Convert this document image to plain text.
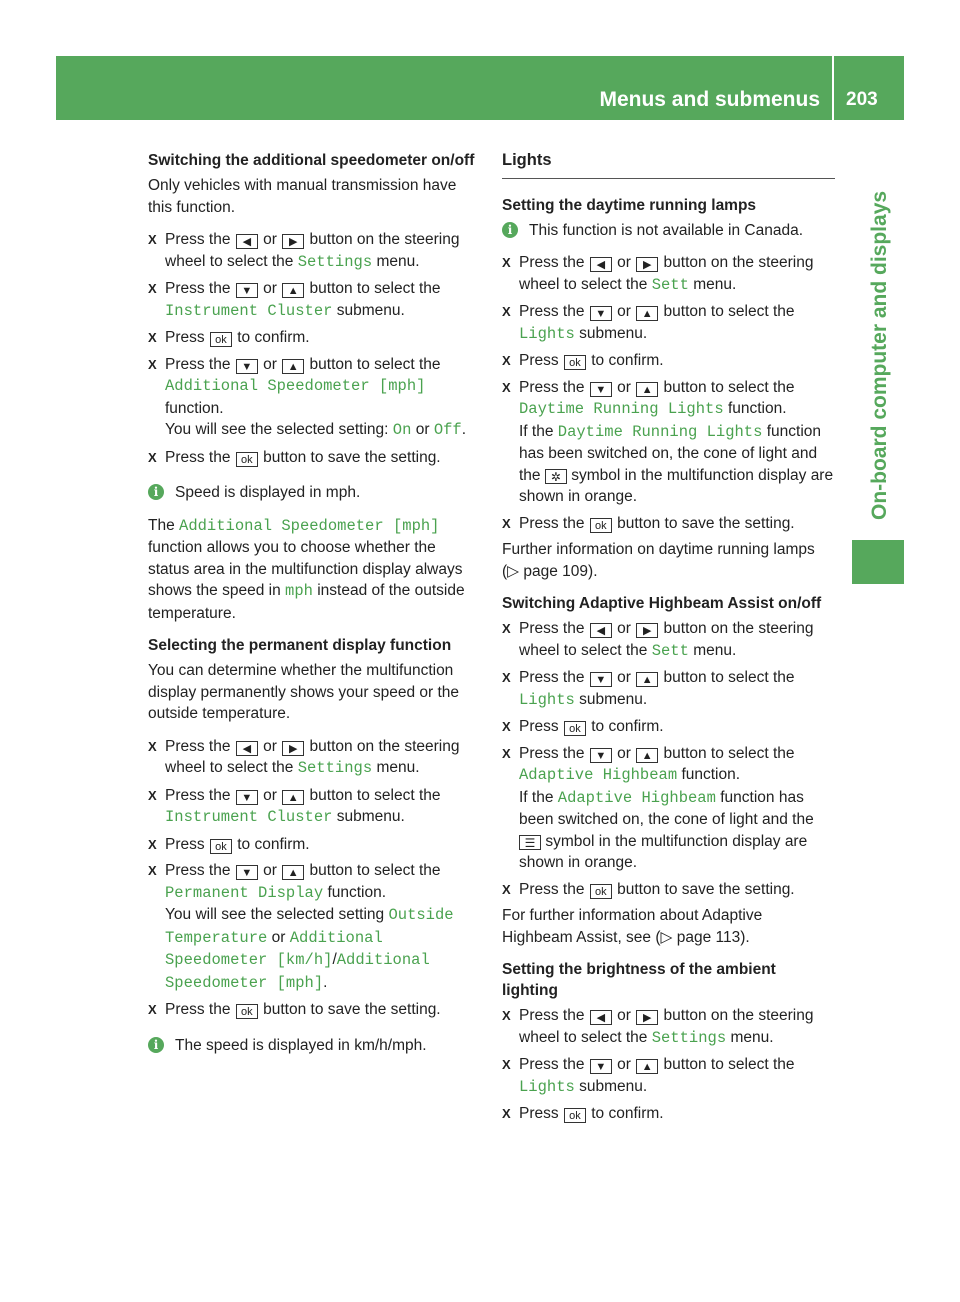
Menus and submenus 203
On-board computer and displays
Switching the additional speedometer on/off

Only vehicles with manual transmission have this function.

X Press the ◀ or ▶ button on the steering wheel to select the Settings menu.
X Press the ▼ or ▲ button to select the Instrument Cluster submenu.
X Press ok to confirm.
X Press the ▼ or ▲ button to select the Additional Speedometer [mph] function.
You will see the selected setting: On or Off.
X Press the ok button to save the setting.
i	Speed is displayed in mph.

The Additional Speedometer [mph] function allows you to choose whether the status area in the multifunction display always shows the speed in mph instead of the outside temperature.

Selecting the permanent display function

You can determine whether the multifunction display permanently shows your speed or the outside temperature.

X Press the ◀ or ▶ button on the steering wheel to select the Settings menu.
X Press the ▼ or ▲ button to select the Instrument Cluster submenu.
X Press ok to confirm.
X Press the ▼ or ▲ button to select the Permanent Display function.
You will see the selected setting Outside Temperature or Additional Speedometer [km/h]/Additional Speedometer [mph].
X Press the ok button to save the setting.
i	The speed is displayed in km/h/mph.
Lights
Setting the daytime running lamps
i	This function is not available in Canada.
X Press the ◀ or ▶ button on the steering wheel to select the Sett menu.
X Press the ▼ or ▲ button to select the Lights submenu.
X Press ok to confirm.
X Press the ▼ or ▲ button to select the Daytime Running Lights function.
If the Daytime Running Lights function has been switched on, the cone of light and the ✲ symbol in the multifunction display are shown in orange.
X Press the ok button to save the setting.

Further information on daytime running lamps (▷ page 109).

Switching Adaptive Highbeam Assist on/off
X Press the ◀ or ▶ button on the steering wheel to select the Sett menu.
X Press the ▼ or ▲ button to select the Lights submenu.
X Press ok to confirm.
X Press the ▼ or ▲ button to select the Adaptive Highbeam function.
If the Adaptive Highbeam function has been switched on, the cone of light and the ☰ symbol in the multifunction display are shown in orange.
X Press the ok button to save the setting.

For further information about Adaptive Highbeam Assist, see (▷ page 113).

Setting the brightness of the ambient lighting
X Press the ◀ or ▶ button on the steering wheel to select the Settings menu.
X Press the ▼ or ▲ button to select the Lights submenu.
X Press ok to confirm.
